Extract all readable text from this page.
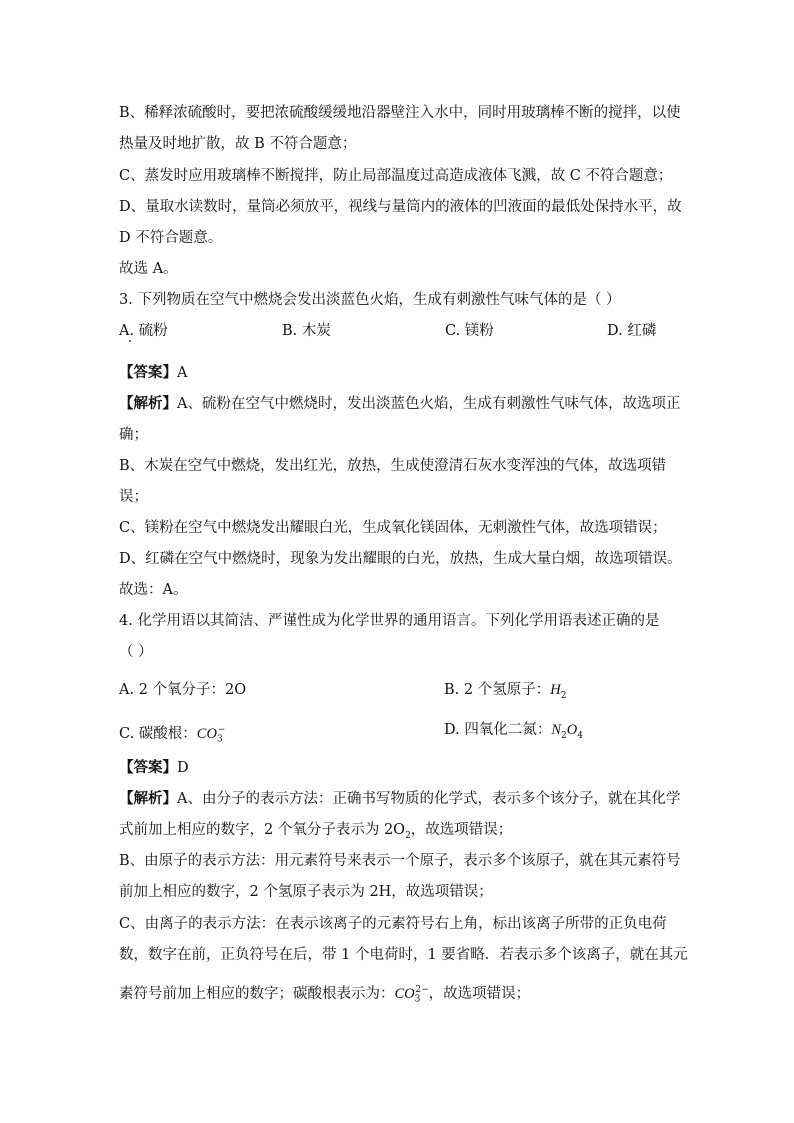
B、稀释浓硫酸时，要把浓硫酸缓缓地沿器壁注入水中，同时用玻璃棒不断的搅拌，以使
热量及时地扩散，故 B 不符合题意；
C、蒸发时应用玻璃棒不断搅拌，防止局部温度过高造成液体飞溅，故 C 不符合题意；
D、量取水读数时，量筒必须放平，视线与量筒内的液体的凹液面的最低处保持水平，故
D 不符合题意。
故选 A。
3. 下列物质在空气中燃烧会发出淡蓝色火焰，生成有刺激性气味气体的是（ ）
A. 硫粉	B. 木炭	C. 镁粉	D. 红磷
【答案】A
【解析】A、硫粉在空气中燃烧时，发出淡蓝色火焰，生成有刺激性气味气体，故选项正
确；
B、木炭在空气中燃烧，发出红光，放热，生成使澄清石灰水变浑浊的气体，故选项错
误；
C、镁粉在空气中燃烧发出耀眼白光，生成氧化镁固体，无刺激性气体，故选项错误；
D、红磷在空气中燃烧时，现象为发出耀眼的白光，放热，生成大量白烟，故选项错误。
故选：A。
4. 化学用语以其简洁、严谨性成为化学世界的通用语言。下列化学用语表述正确的是
（ ）
A. 2 个氧分子：2O	B. 2 个氢原子：$H_2$
C. 碳酸根：$CO_3^-$	D. 四氧化二氮：$N_2O_4$
【答案】D
【解析】A、由分子的表示方法：正确书写物质的化学式，表示多个该分子，就在其化学
式前加上相应的数字，2 个氧分子表示为 $2O_2$，故选项错误；
B、由原子的表示方法：用元素符号来表示一个原子，表示多个该原子，就在其元素符号
前加上相应的数字，2 个氢原子表示为 2H，故选项错误；
C、由离子的表示方法：在表示该离子的元素符号右上角，标出该离子所带的正负电荷
数，数字在前，正负符号在后，带 1 个电荷时，1 要省略．若表示多个该离子，就在其元
素符号前加上相应的数字；碳酸根表示为：$CO_3^{2-}$，故选项错误；
